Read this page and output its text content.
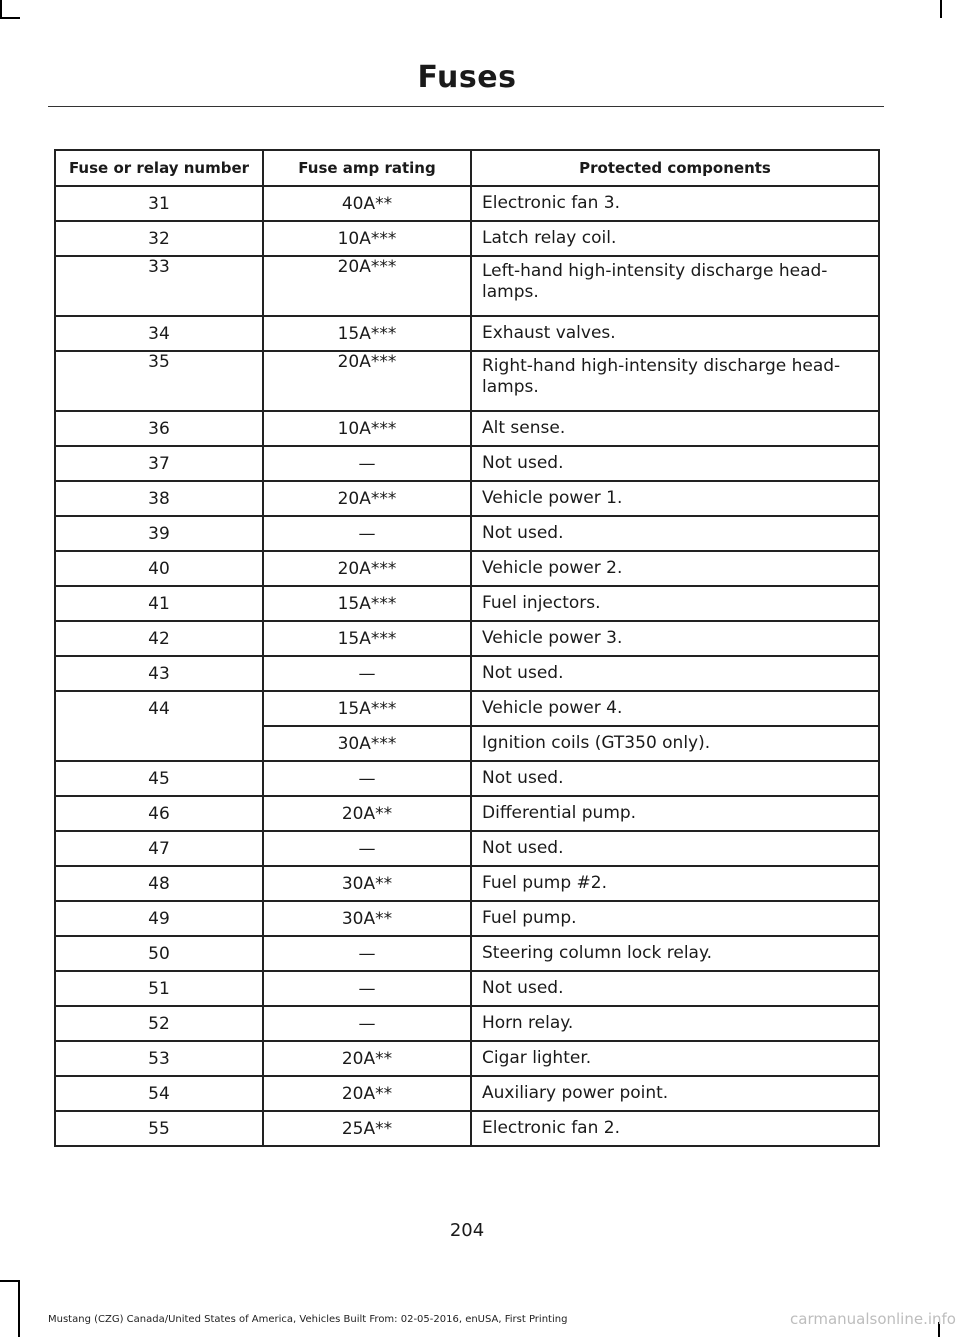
Fuses
Fuse or relay number	Fuse amp rating	Protected components
31	40A**	Electronic fan 3.
32	10A***	Latch relay coil.
33	20A***	Left-hand high-intensity discharge head-lamps.
34	15A***	Exhaust valves.
35	20A***	Right-hand high-intensity discharge head-lamps.
36	10A***	Alt sense.
37	—	Not used.
38	20A***	Vehicle power 1.
39	—	Not used.
40	20A***	Vehicle power 2.
41	15A***	Fuel injectors.
42	15A***	Vehicle power 3.
43	—	Not used.
44	15A***	Vehicle power 4.
	30A***	Ignition coils (GT350 only).
45	—	Not used.
46	20A**	Differential pump.
47	—	Not used.
48	30A**	Fuel pump #2.
49	30A**	Fuel pump.
50	—	Steering column lock relay.
51	—	Not used.
52	—	Horn relay.
53	20A**	Cigar lighter.
54	20A**	Auxiliary power point.
55	25A**	Electronic fan 2.
204
Mustang (CZG) Canada/United States of America, Vehicles Built From: 02-05-2016, enUSA, First Printing	carmanualsonline.info
